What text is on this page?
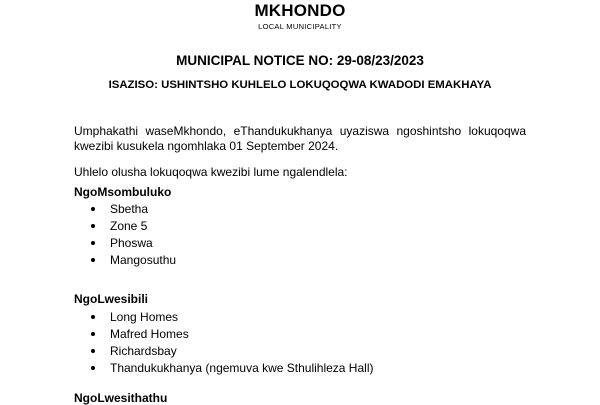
MKHONDO
LOCAL MUNICIPALITY
MUNICIPAL NOTICE NO: 29-08/23/2023
ISAZISO: USHINTSHO KUHLELO LOKUQOQWA KWADODI EMAKHAYA
Umphakathi waseMkhondo, eThandukukhanya uyaziswa ngoshintsho lokuqoqwa
kwezibi kusukela ngomhlaka 01 September 2024.
Uhlelo olusha lokuqoqwa kwezibi lume ngalendlela:
NgoMsombuluko
Sbetha
Zone 5
Phoswa
Mangosuthu
NgoLwesibili
Long Homes
Mafred Homes
Richardsbay
Thandukukhanya (ngemuva kwe Sthulihleza Hall)
NgoLwesithathu
